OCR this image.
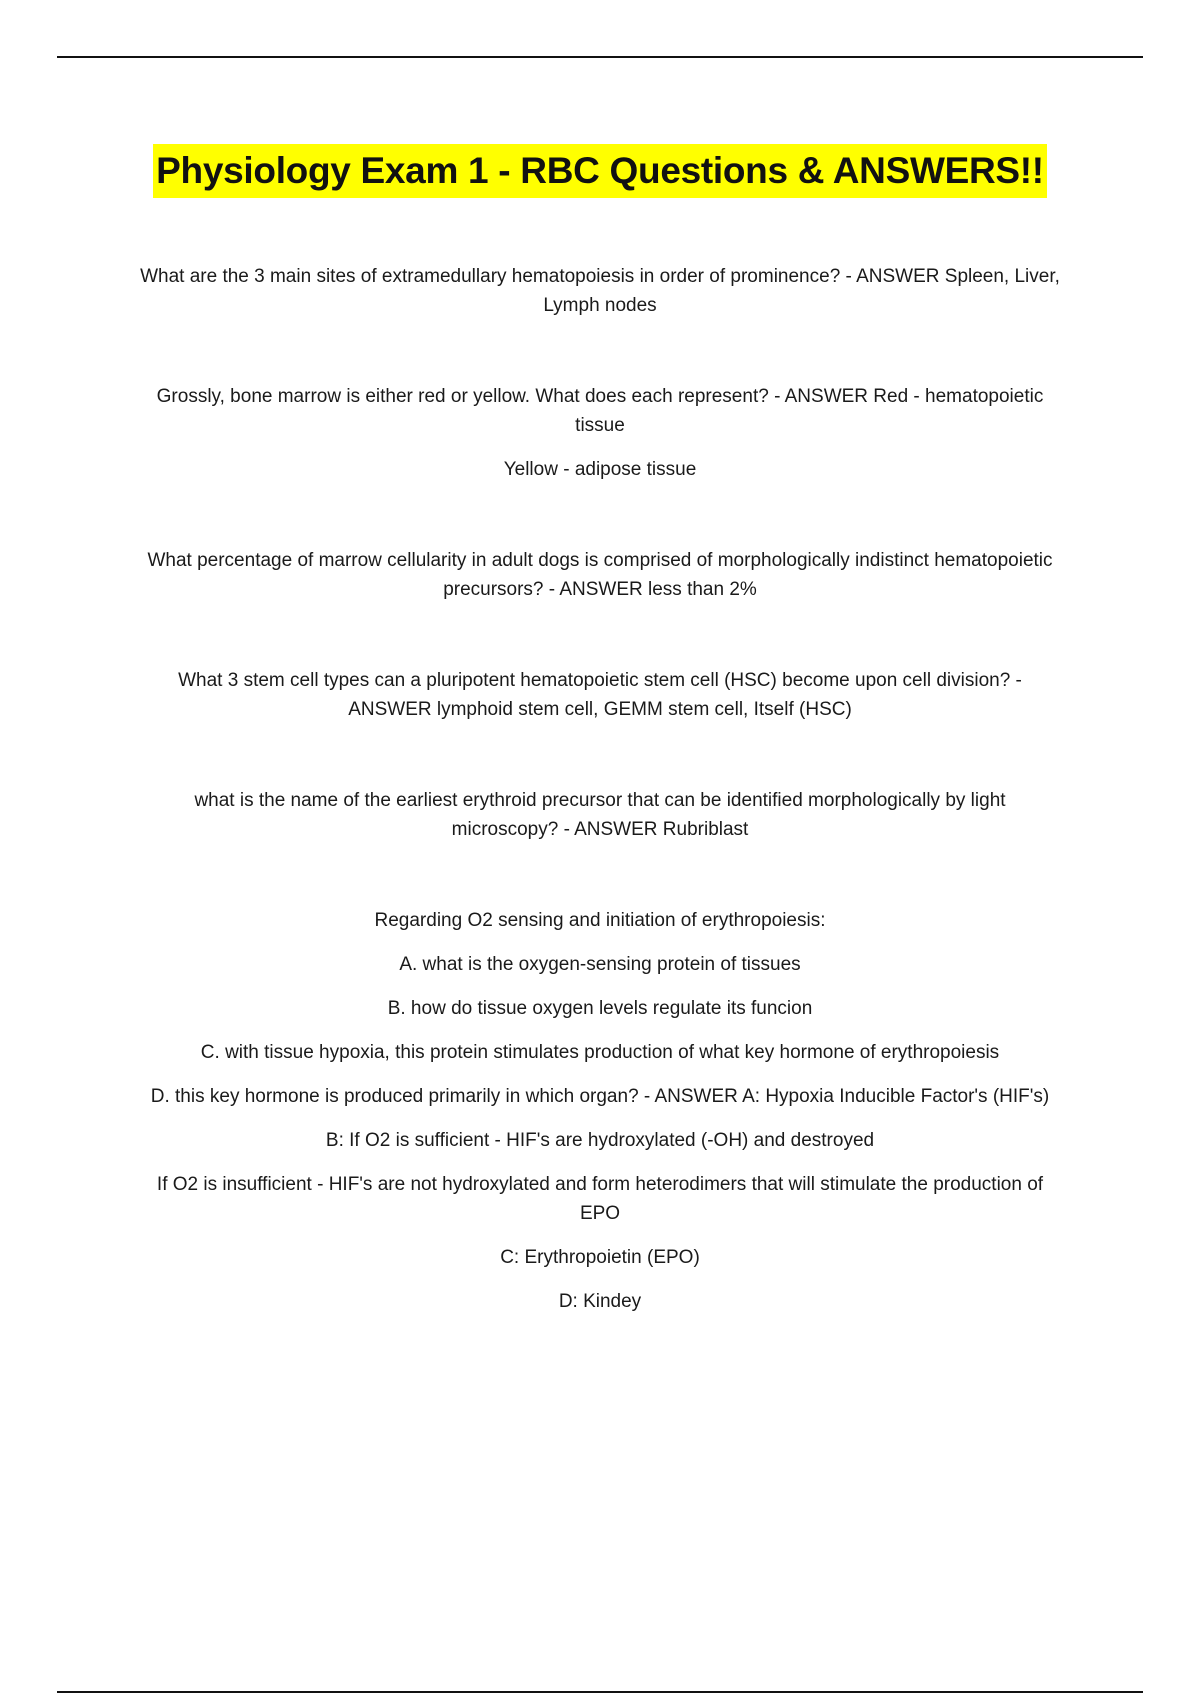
Physiology Exam 1 - RBC Questions & ANSWERS!!

What are the 3 main sites of extramedullary hematopoiesis in order of prominence? - ANSWER Spleen, Liver, Lymph nodes

Grossly, bone marrow is either red or yellow. What does each represent? - ANSWER Red - hematopoietic tissue

Yellow - adipose tissue

What percentage of marrow cellularity in adult dogs is comprised of morphologically indistinct hematopoietic precursors? - ANSWER less than 2%

What 3 stem cell types can a pluripotent hematopoietic stem cell (HSC) become upon cell division? - ANSWER lymphoid stem cell, GEMM stem cell, Itself (HSC)

what is the name of the earliest erythroid precursor that can be identified morphologically by light microscopy? - ANSWER Rubriblast

Regarding O2 sensing and initiation of erythropoiesis:

A. what is the oxygen-sensing protein of tissues

B. how do tissue oxygen levels regulate its funcion

C. with tissue hypoxia, this protein stimulates production of what key hormone of erythropoiesis

D. this key hormone is produced primarily in which organ? - ANSWER A: Hypoxia Inducible Factor's (HIF's)

B: If O2 is sufficient - HIF's are hydroxylated (-OH) and destroyed

If O2 is insufficient - HIF's are not hydroxylated and form heterodimers that will stimulate the production of EPO

C: Erythropoietin (EPO)

D: Kindey
